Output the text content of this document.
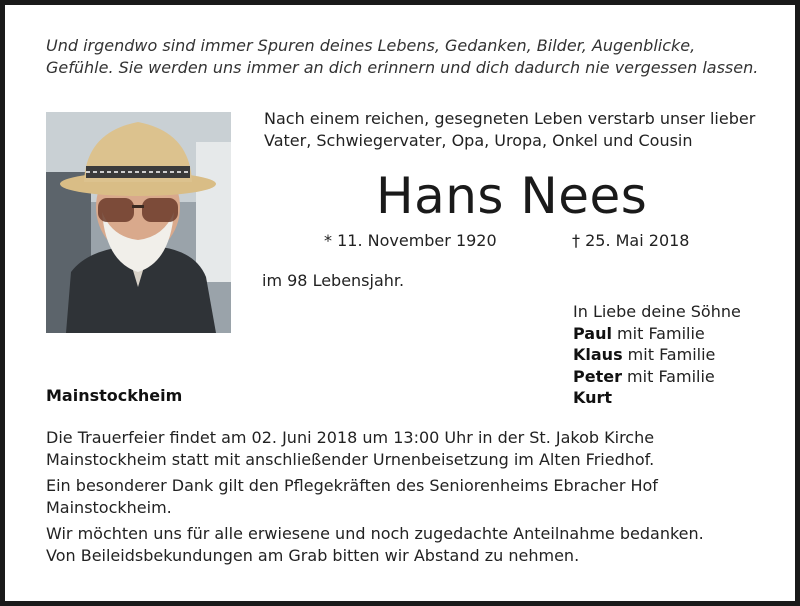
Und irgendwo sind immer Spuren deines Lebens, Gedanken, Bilder, Augenblicke,
Gefühle. Sie werden uns immer an dich erinnern und dich dadurch nie vergessen lassen.

Nach einem reichen, gesegneten Leben verstarb unser lieber
Vater, Schwiegervater, Opa, Uropa, Onkel und Cousin

Hans Nees
* 11. November 1920	† 25. Mai 2018
im 98 Lebensjahr.
In Liebe deine Söhne
Paul mit Familie
Klaus mit Familie
Peter mit Familie
Kurt
Mainstockheim

Die Trauerfeier findet am 02. Juni 2018 um 13:00 Uhr in der St. Jakob Kirche
Mainstockheim statt mit anschließender Urnenbeisetzung im Alten Friedhof.

Ein besonderer Dank gilt den Pflegekräften des Seniorenheims Ebracher Hof
Mainstockheim.

Wir möchten uns für alle erwiesene und noch zugedachte Anteilnahme bedanken.
Von Beileidsbekundungen am Grab bitten wir Abstand zu nehmen.
